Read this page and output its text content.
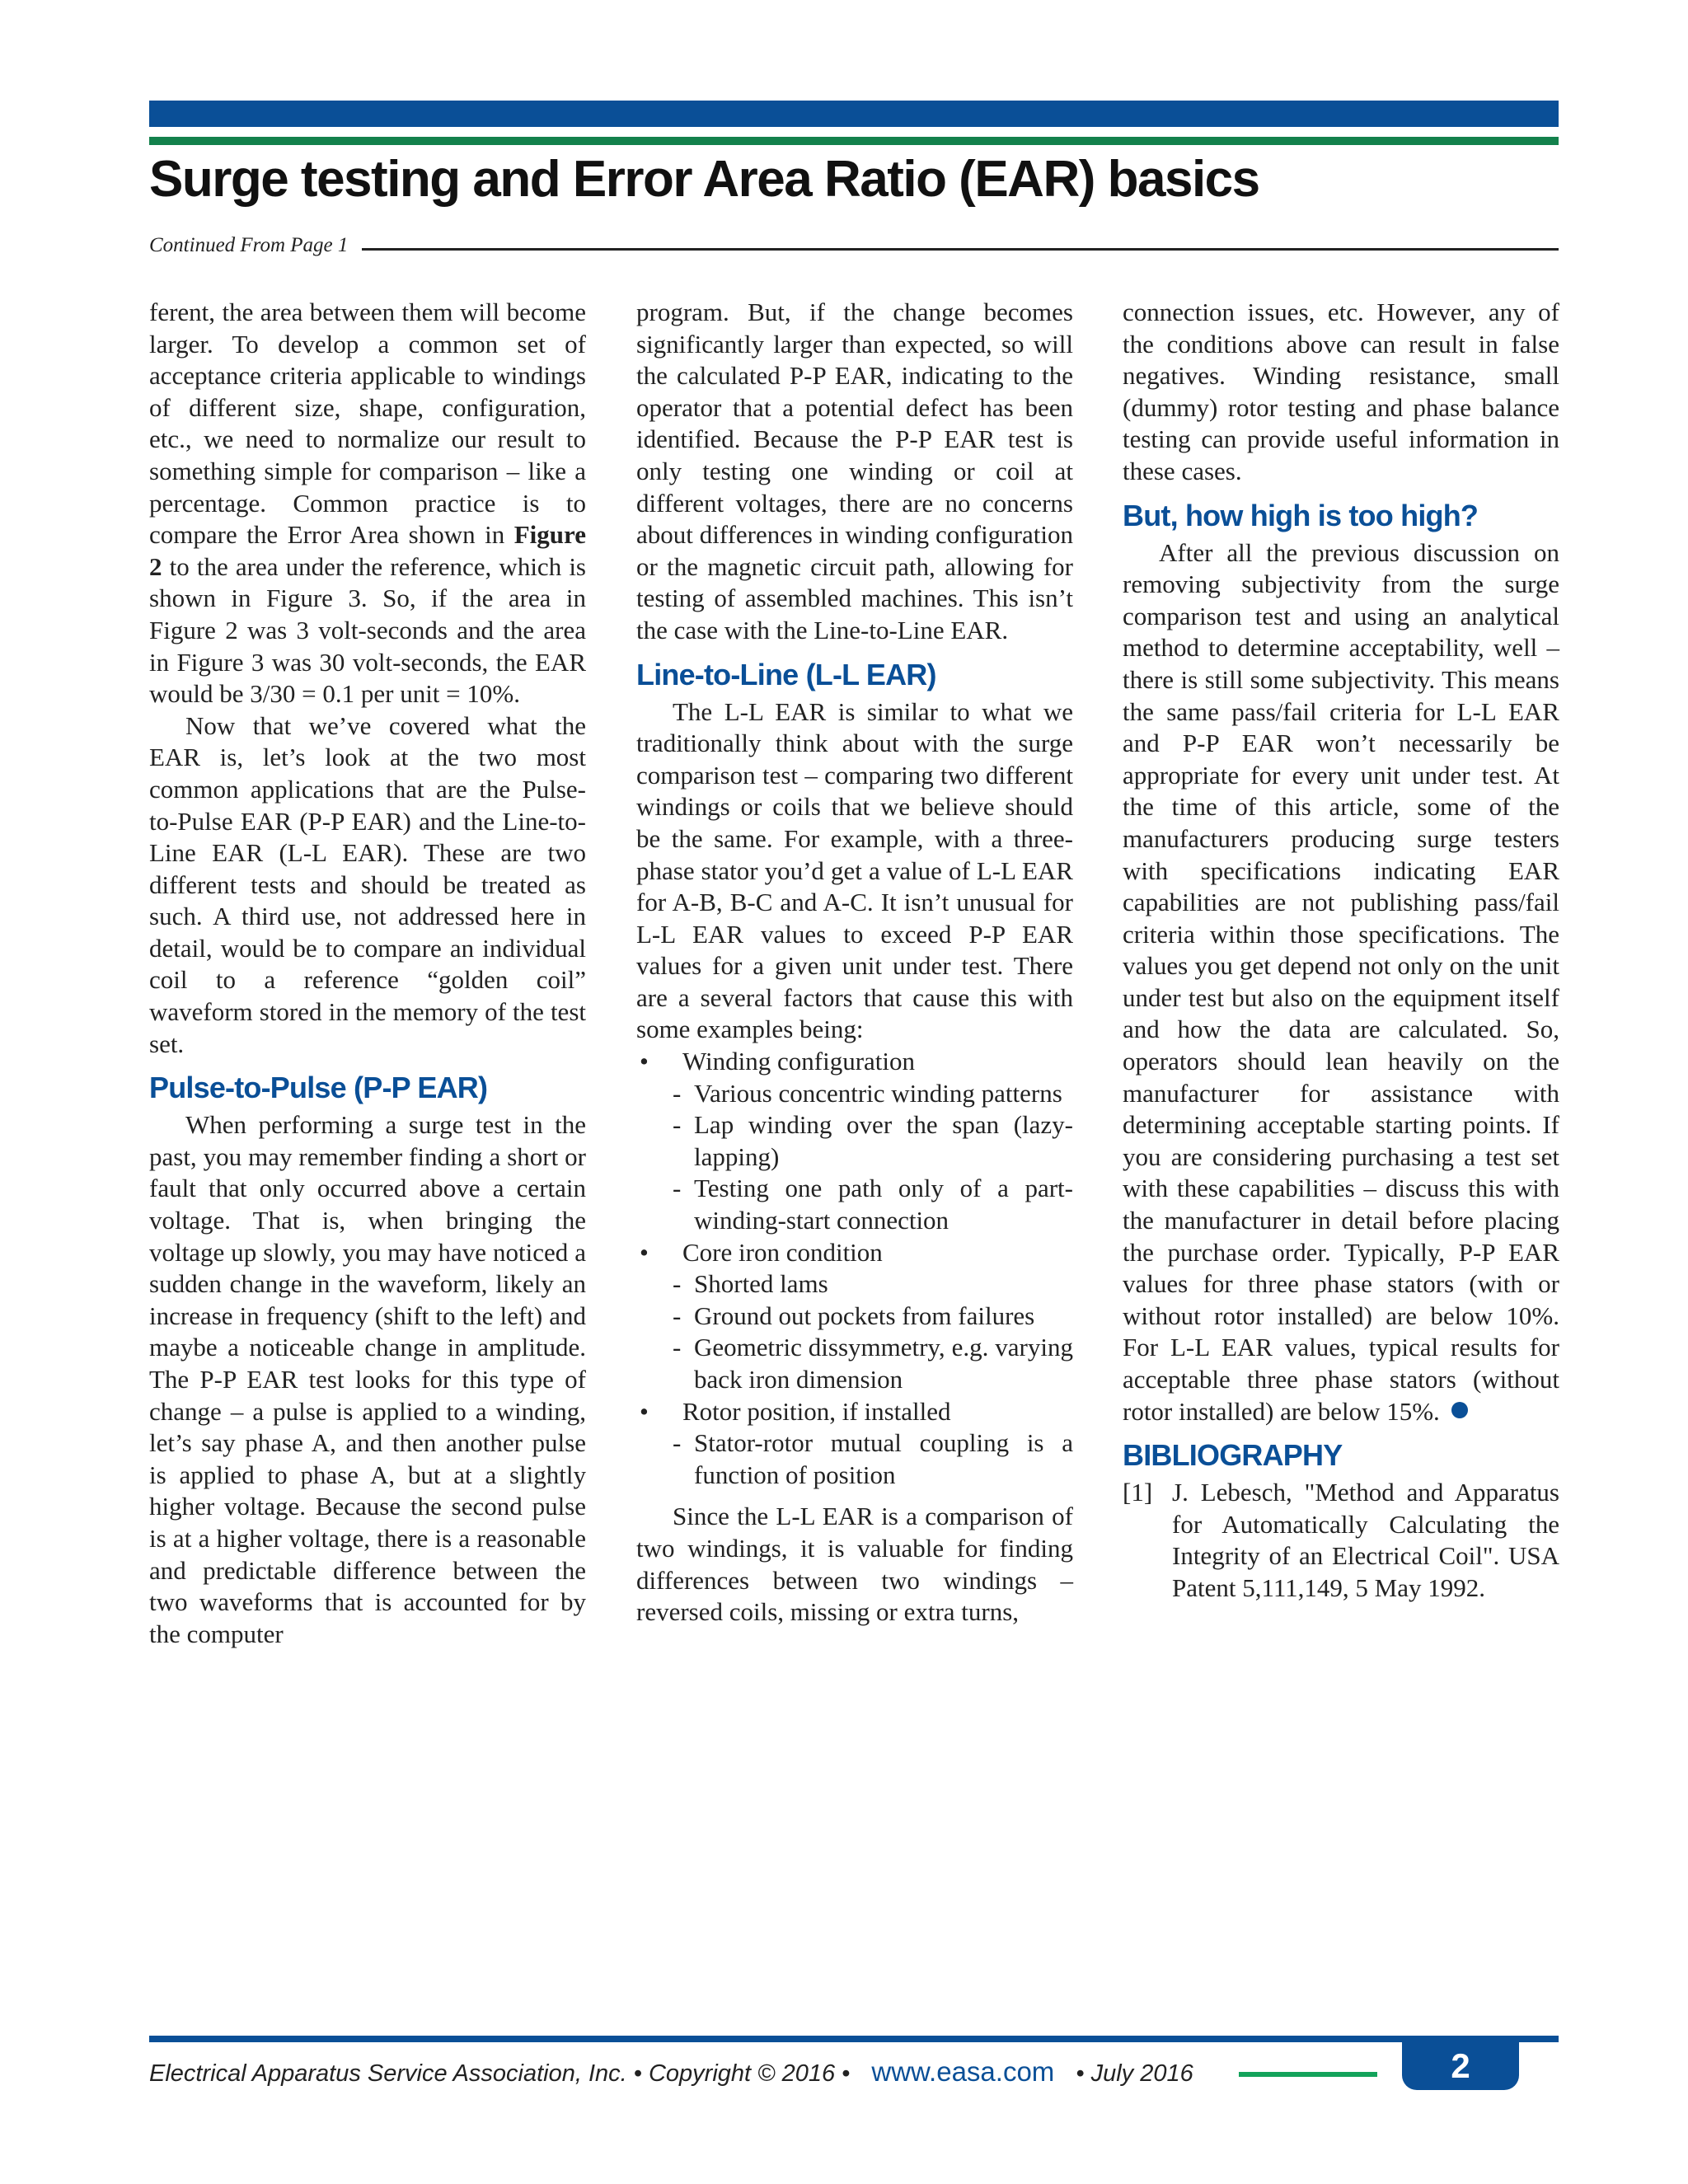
Surge testing and Error Area Ratio (EAR) basics
Continued From Page 1

ferent, the area between them will become larger. To develop a common set of acceptance criteria applicable to windings of different size, shape, configuration, etc., we need to normalize our result to something simple for comparison – like a percentage. Common practice is to compare the Error Area shown in Figure 2 to the area under the reference, which is shown in Figure 3. So, if the area in Figure 2 was 3 volt-seconds and the area in Figure 3 was 30 volt-seconds, the EAR would be 3/30 = 0.1 per unit = 10%.

Now that we’ve covered what the EAR is, let’s look at the two most common applications that are the Pulse-to-Pulse EAR (P-P EAR) and the Line-to-Line EAR (L-L EAR). These are two different tests and should be treated as such. A third use, not addressed here in detail, would be to compare an individual coil to a reference “golden coil” waveform stored in the memory of the test set.

Pulse-to-Pulse (P-P EAR)

When performing a surge test in the past, you may remember finding a short or fault that only occurred above a certain voltage. That is, when bringing the voltage up slowly, you may have noticed a sudden change in the waveform, likely an increase in frequency (shift to the left) and maybe a noticeable change in amplitude. The P-P EAR test looks for this type of change – a pulse is applied to a winding, let’s say phase A, and then another pulse is applied to phase A, but at a slightly higher voltage. Because the second pulse is at a higher voltage, there is a reasonable and predictable difference between the two waveforms that is accounted for by the computer

program. But, if the change becomes significantly larger than expected, so will the calculated P-P EAR, indicating to the operator that a potential defect has been identified. Because the P-P EAR test is only testing one winding or coil at different voltages, there are no concerns about differences in winding configuration or the magnetic circuit path, allowing for testing of assembled machines. This isn’t the case with the Line-to-Line EAR.

Line-to-Line (L-L EAR)

The L-L EAR is similar to what we traditionally think about with the surge comparison test – comparing two different windings or coils that we believe should be the same. For example, with a three-phase stator you’d get a value of L-L EAR for A-B, B-C and A-C. It isn’t unusual for L-L EAR values to exceed P-P EAR values for a given unit under test. There are a several factors that cause this with some examples being:

• Winding configuration
- Various concentric winding patterns
- Lap winding over the span (lazy-lapping)
- Testing one path only of a part-winding-start connection
• Core iron condition
- Shorted lams
- Ground out pockets from failures
- Geometric dissymmetry, e.g. varying back iron dimension
• Rotor position, if installed
- Stator-rotor mutual coupling is a function of position

Since the L-L EAR is a comparison of two windings, it is valuable for finding differences between two windings – reversed coils, missing or extra turns,

connection issues, etc. However, any of the conditions above can result in false negatives. Winding resistance, small (dummy) rotor testing and phase balance testing can provide useful information in these cases.

But, how high is too high?

After all the previous discussion on removing subjectivity from the surge comparison test and using an analytical method to determine acceptability, well – there is still some subjectivity. This means the same pass/fail criteria for L-L EAR and P-P EAR won’t necessarily be appropriate for every unit under test. At the time of this article, some of the manufacturers producing surge testers with specifications indicating EAR capabilities are not publishing pass/fail criteria within those specifications. The values you get depend not only on the unit under test but also on the equipment itself and how the data are calculated. So, operators should lean heavily on the manufacturer for assistance with determining acceptable starting points. If you are considering purchasing a test set with these capabilities – discuss this with the manufacturer in detail before placing the purchase order. Typically, P-P EAR values for three phase stators (with or without rotor installed) are below 10%. For L-L EAR values, typical results for acceptable three phase stators (without rotor installed) are below 15%.

BIBLIOGRAPHY
[1] J. Lebesch, "Method and Apparatus for Automatically Calculating the Integrity of an Electrical Coil". USA Patent 5,111,149, 5 May 1992.
Electrical Apparatus Service Association, Inc. • Copyright © 2016 • www.easa.com • July 2016	2
